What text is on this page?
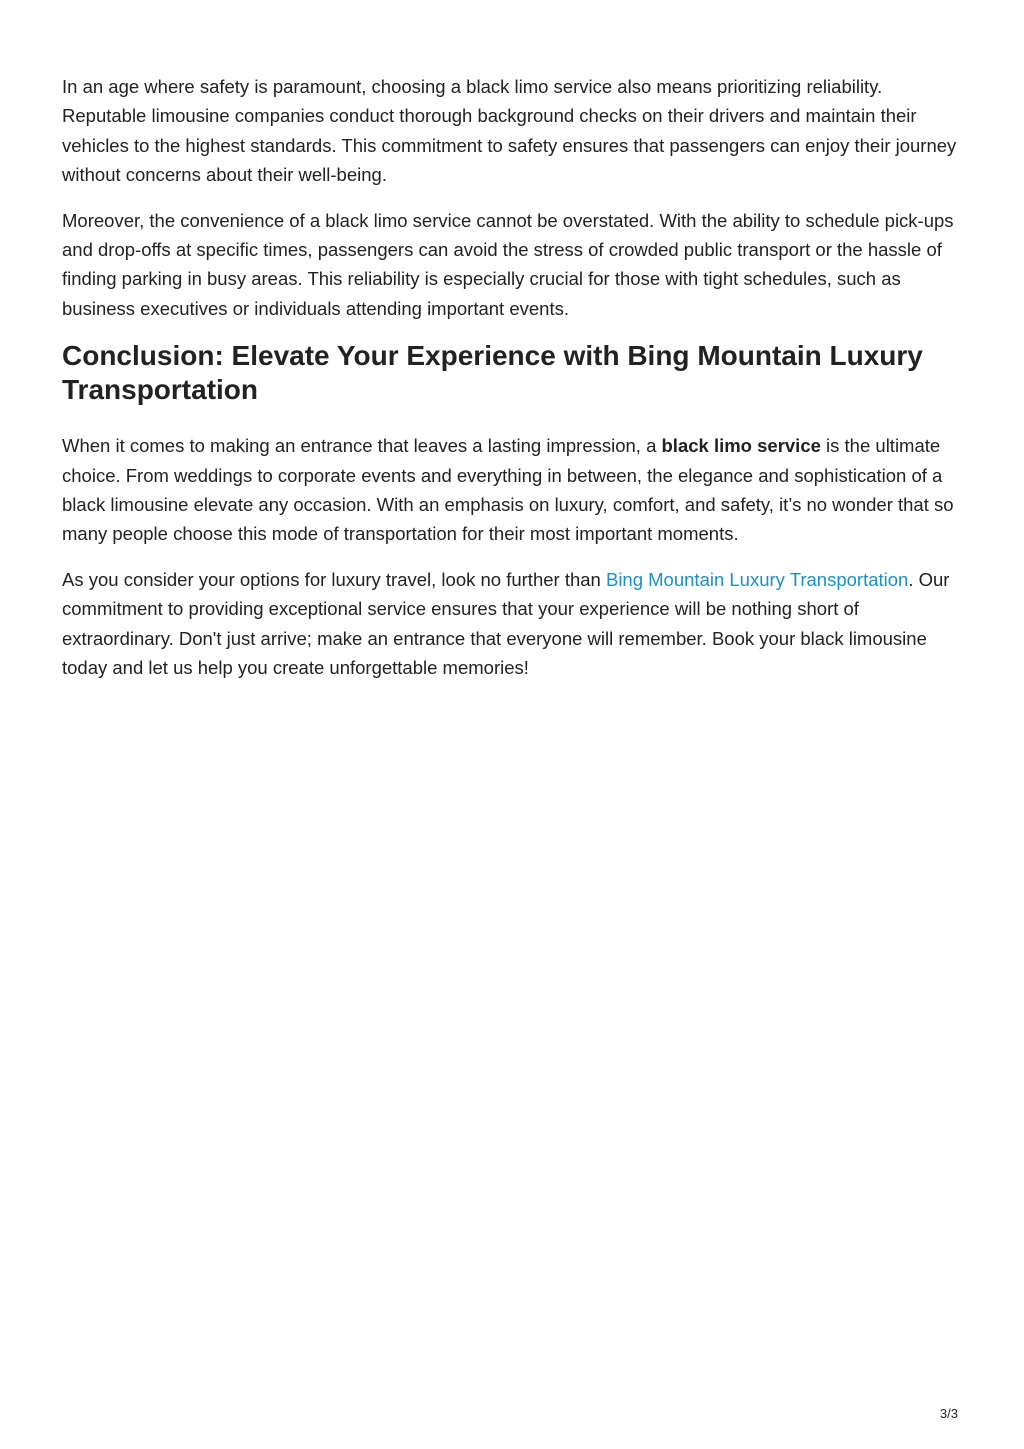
In an age where safety is paramount, choosing a black limo service also means prioritizing reliability. Reputable limousine companies conduct thorough background checks on their drivers and maintain their vehicles to the highest standards. This commitment to safety ensures that passengers can enjoy their journey without concerns about their well-being.

Moreover, the convenience of a black limo service cannot be overstated. With the ability to schedule pick-ups and drop-offs at specific times, passengers can avoid the stress of crowded public transport or the hassle of finding parking in busy areas. This reliability is especially crucial for those with tight schedules, such as business executives or individuals attending important events.

Conclusion: Elevate Your Experience with Bing Mountain Luxury Transportation

When it comes to making an entrance that leaves a lasting impression, a black limo service is the ultimate choice. From weddings to corporate events and everything in between, the elegance and sophistication of a black limousine elevate any occasion. With an emphasis on luxury, comfort, and safety, it’s no wonder that so many people choose this mode of transportation for their most important moments.

As you consider your options for luxury travel, look no further than Bing Mountain Luxury Transportation. Our commitment to providing exceptional service ensures that your experience will be nothing short of extraordinary. Don't just arrive; make an entrance that everyone will remember. Book your black limousine today and let us help you create unforgettable memories!

3/3
